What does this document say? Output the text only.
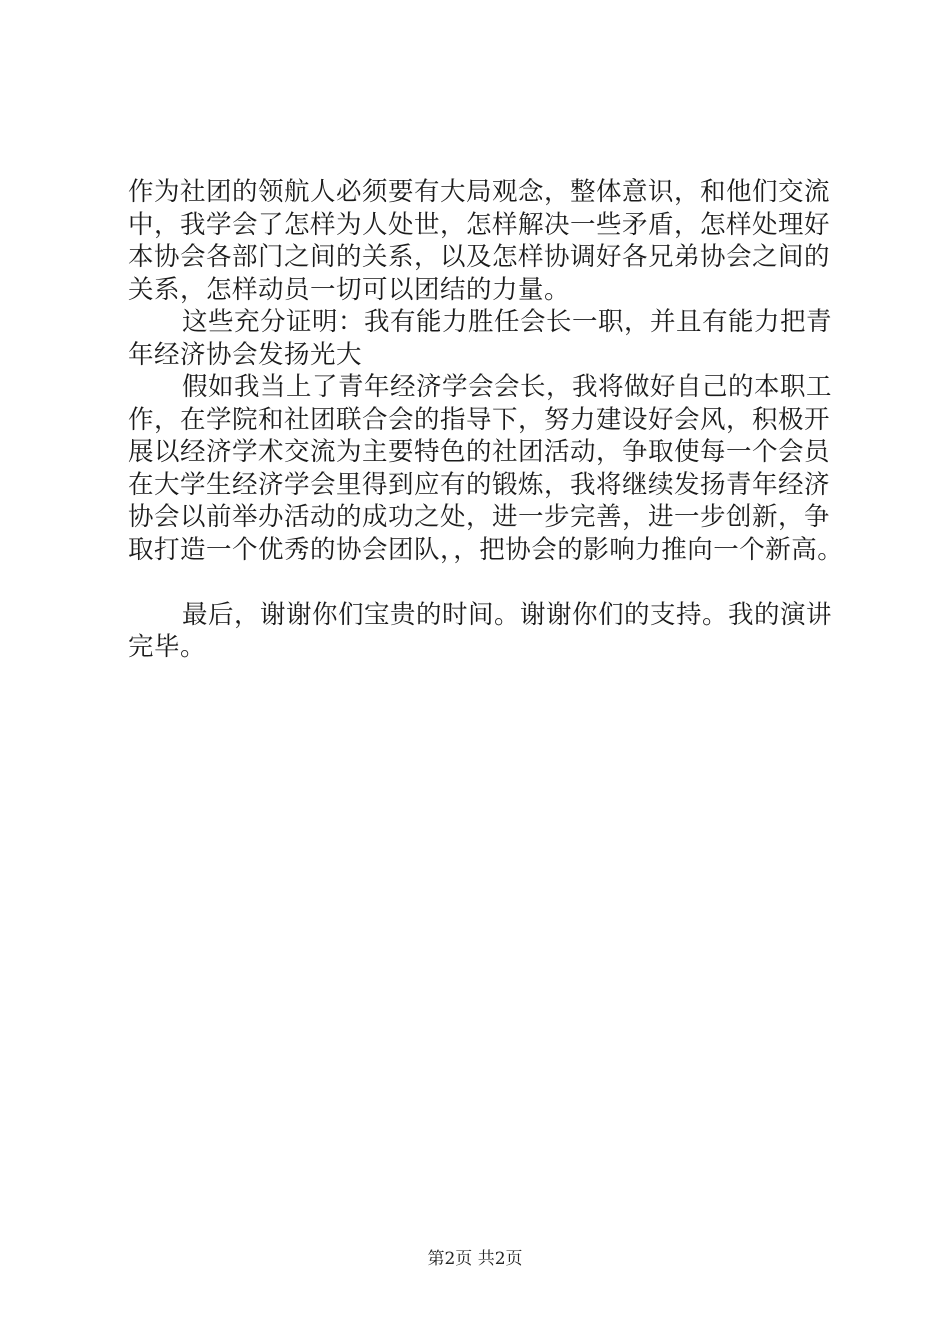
作为社团的领航人必须要有大局观念，整体意识，和他们交流
中，我学会了怎样为人处世，怎样解决一些矛盾，怎样处理好
本协会各部门之间的关系，以及怎样协调好各兄弟协会之间的
关系，怎样动员一切可以团结的力量。
这些充分证明：我有能力胜任会长一职，并且有能力把青
年经济协会发扬光大
假如我当上了青年经济学会会长，我将做好自己的本职工
作，在学院和社团联合会的指导下，努力建设好会风，积极开
展以经济学术交流为主要特色的社团活动，争取使每一个会员
在大学生经济学会里得到应有的锻炼，我将继续发扬青年经济
协会以前举办活动的成功之处，进一步完善，进一步创新，争
取打造一个优秀的协会团队，，把协会的影响力推向一个新高。
最后，谢谢你们宝贵的时间。谢谢你们的支持。我的演讲
完毕。
第2页 共2页
